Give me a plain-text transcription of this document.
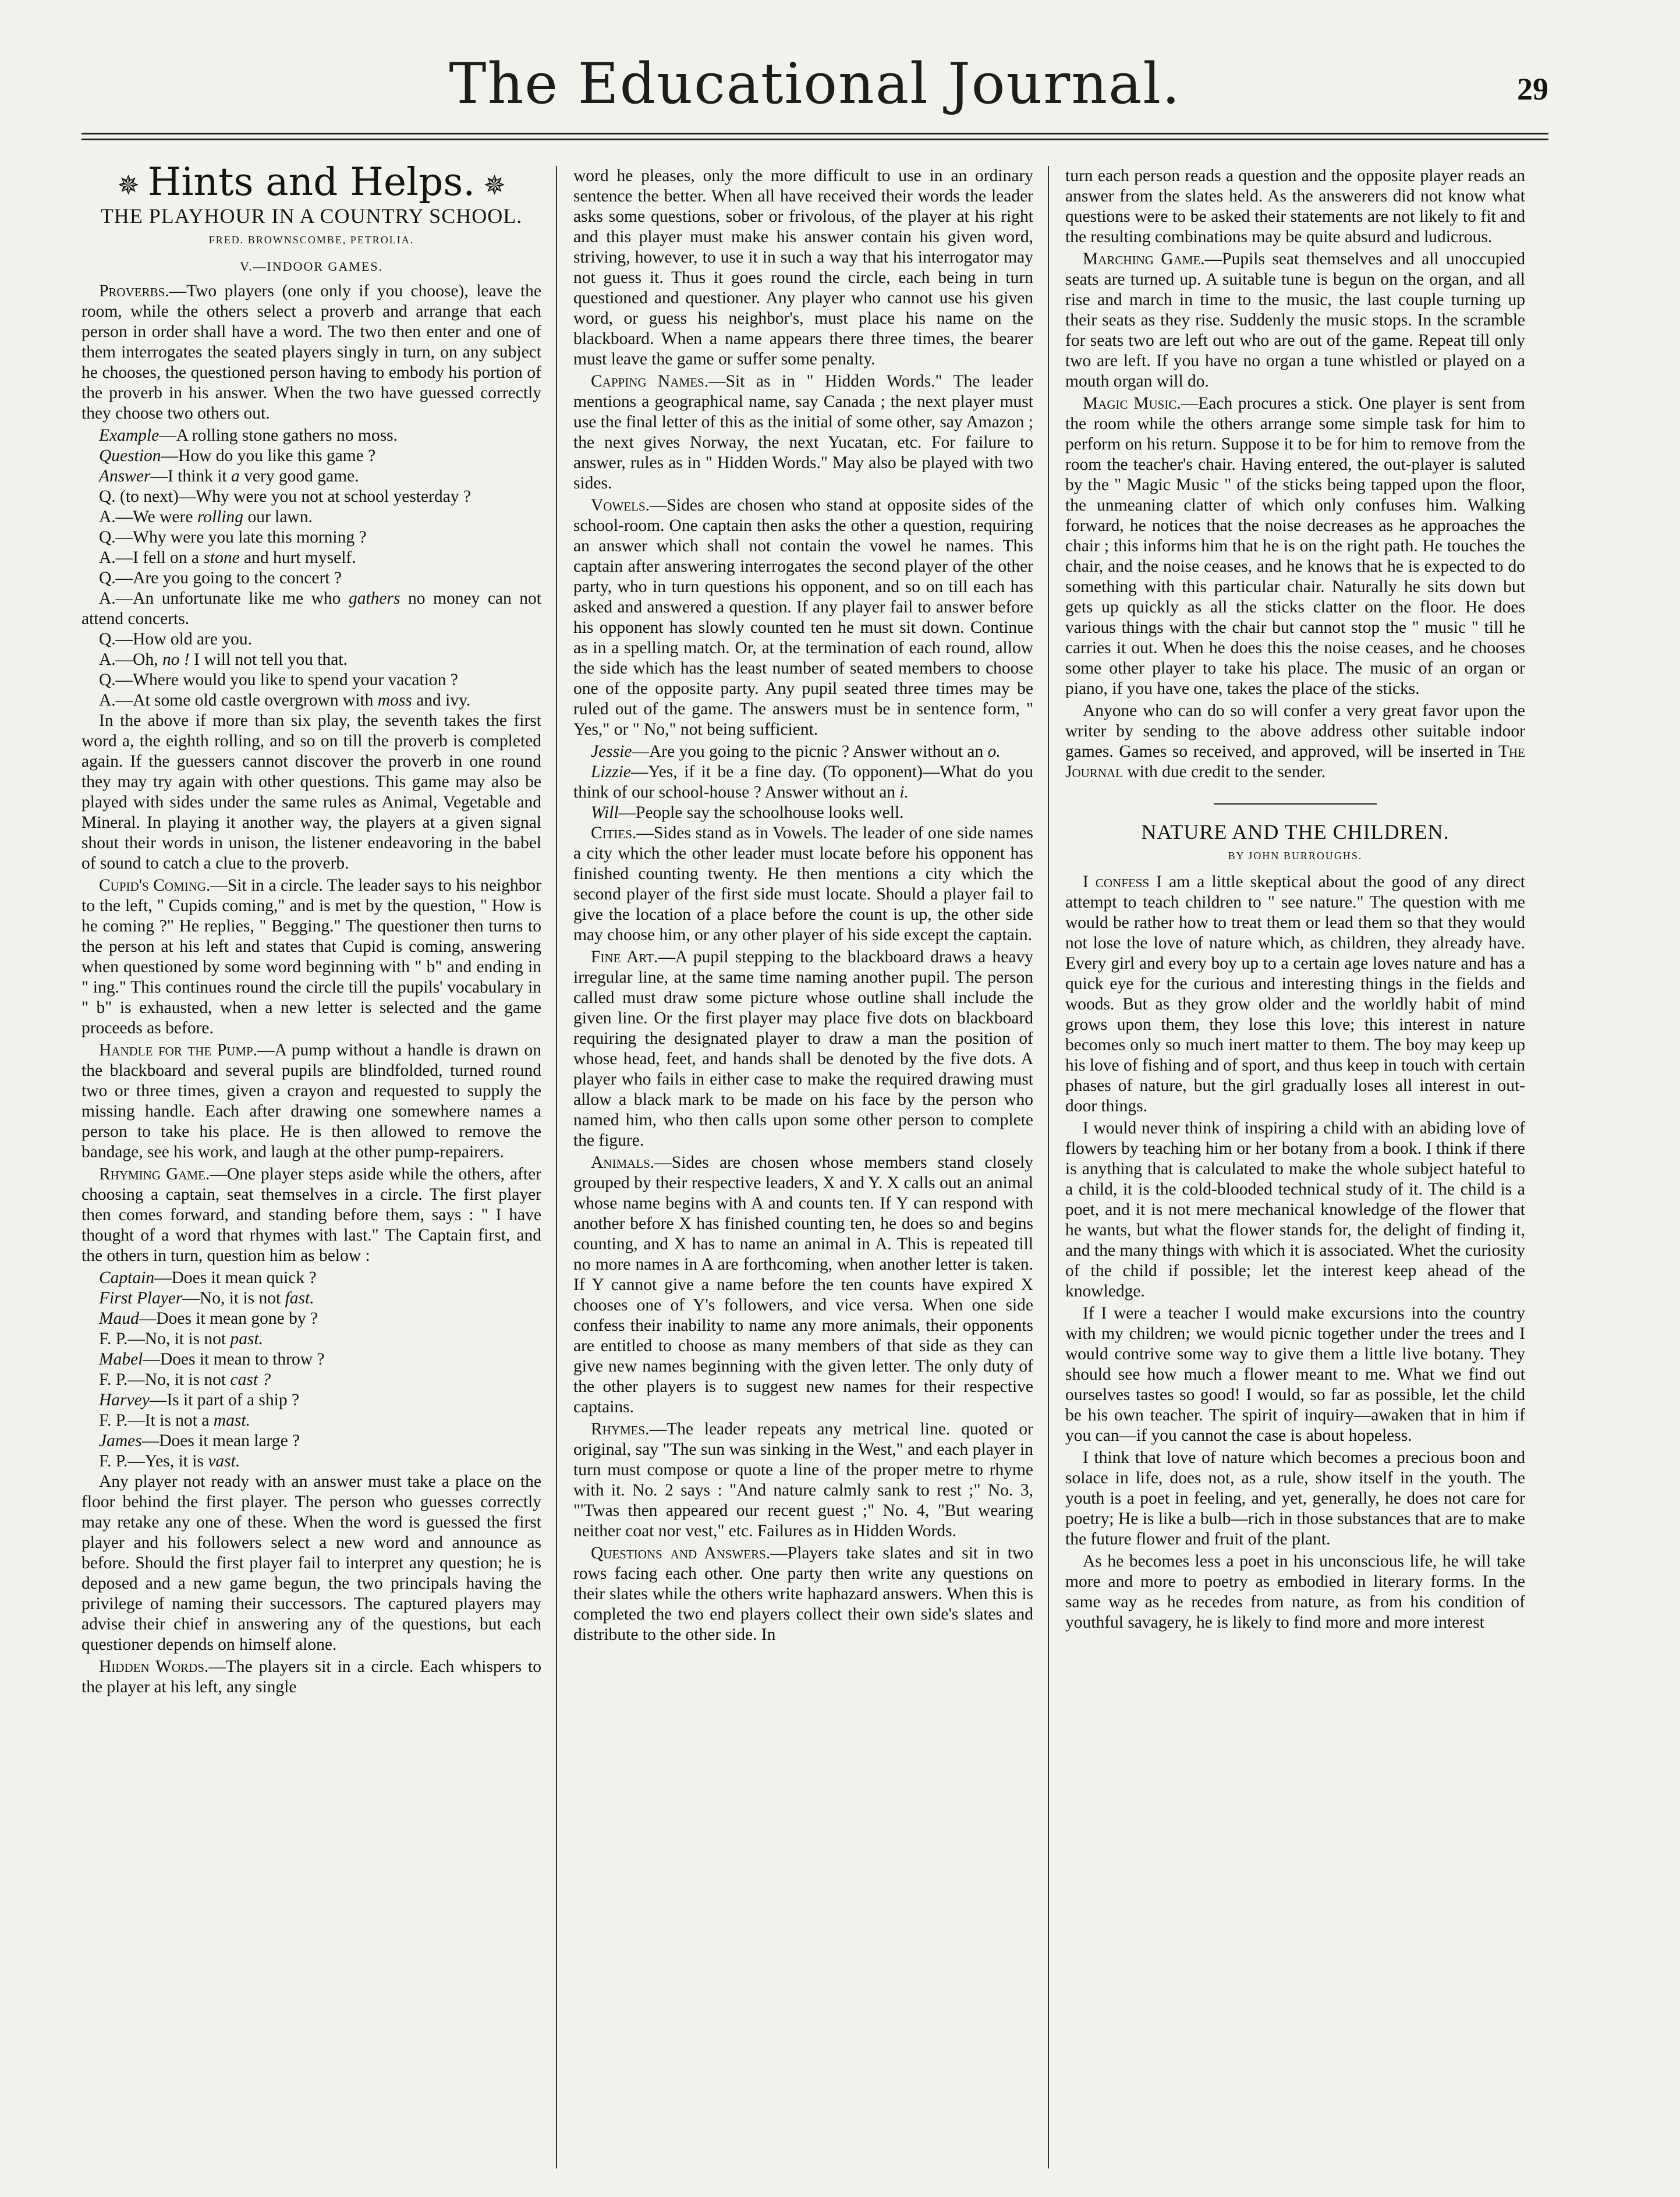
The Educational Journal.	29
✵ Hints and Helps. ✵
THE PLAYHOUR IN A COUNTRY SCHOOL.
FRED. BROWNSCOMBE, PETROLIA.
V.—INDOOR GAMES.

Proverbs.—Two players (one only if you choose), leave the room, while the others select a proverb and arrange that each person in order shall have a word. The two then enter and one of them interrogates the seated players singly in turn, on any subject he chooses, the questioned person having to embody his portion of the proverb in his answer. When the two have guessed correctly they choose two others out.

Example—A rolling stone gathers no moss.

Question—How do you like this game ?

Answer—I think it a very good game.

Q. (to next)—Why were you not at school yesterday ?

A.—We were rolling our lawn.

Q.—Why were you late this morning ?

A.—I fell on a stone and hurt myself.

Q.—Are you going to the concert ?

A.—An unfortunate like me who gathers no money can not attend concerts.

Q.—How old are you.

A.—Oh, no ! I will not tell you that.

Q.—Where would you like to spend your vacation ?

A.—At some old castle overgrown with moss and ivy.

In the above if more than six play, the seventh takes the first word a, the eighth rolling, and so on till the proverb is completed again. If the guessers cannot discover the proverb in one round they may try again with other questions. This game may also be played with sides under the same rules as Animal, Vegetable and Mineral. In playing it another way, the players at a given signal shout their words in unison, the listener endeavoring in the babel of sound to catch a clue to the proverb.

Cupid's Coming.—Sit in a circle. The leader says to his neighbor to the left, " Cupids coming," and is met by the question, " How is he coming ?" He replies, " Begging." The questioner then turns to the person at his left and states that Cupid is coming, answering when questioned by some word beginning with " b" and ending in " ing." This continues round the circle till the pupils' vocabulary in " b" is exhausted, when a new letter is selected and the game proceeds as before.

Handle for the Pump.—A pump without a handle is drawn on the blackboard and several pupils are blindfolded, turned round two or three times, given a crayon and requested to supply the missing handle. Each after drawing one somewhere names a person to take his place. He is then allowed to remove the bandage, see his work, and laugh at the other pump-repairers.

Rhyming Game.—One player steps aside while the others, after choosing a captain, seat themselves in a circle. The first player then comes forward, and standing before them, says : " I have thought of a word that rhymes with last." The Captain first, and the others in turn, question him as below :

Captain—Does it mean quick ?

First Player—No, it is not fast.

Maud—Does it mean gone by ?

F. P.—No, it is not past.

Mabel—Does it mean to throw ?

F. P.—No, it is not cast ?

Harvey—Is it part of a ship ?

F. P.—It is not a mast.

James—Does it mean large ?

F. P.—Yes, it is vast.

Any player not ready with an answer must take a place on the floor behind the first player. The person who guesses correctly may retake any one of these. When the word is guessed the first player and his followers select a new word and announce as before. Should the first player fail to interpret any question; he is deposed and a new game begun, the two principals having the privilege of naming their successors. The captured players may advise their chief in answering any of the questions, but each questioner depends on himself alone.

Hidden Words.—The players sit in a circle. Each whispers to the player at his left, any single

word he pleases, only the more difficult to use in an ordinary sentence the better. When all have received their words the leader asks some questions, sober or frivolous, of the player at his right and this player must make his answer contain his given word, striving, however, to use it in such a way that his interrogator may not guess it. Thus it goes round the circle, each being in turn questioned and questioner. Any player who cannot use his given word, or guess his neighbor's, must place his name on the blackboard. When a name appears there three times, the bearer must leave the game or suffer some penalty.

Capping Names.—Sit as in " Hidden Words." The leader mentions a geographical name, say Canada ; the next player must use the final letter of this as the initial of some other, say Amazon ; the next gives Norway, the next Yucatan, etc. For failure to answer, rules as in " Hidden Words." May also be played with two sides.

Vowels.—Sides are chosen who stand at opposite sides of the school-room. One captain then asks the other a question, requiring an answer which shall not contain the vowel he names. This captain after answering interrogates the second player of the other party, who in turn questions his opponent, and so on till each has asked and answered a question. If any player fail to answer before his opponent has slowly counted ten he must sit down. Continue as in a spelling match. Or, at the termination of each round, allow the side which has the least number of seated members to choose one of the opposite party. Any pupil seated three times may be ruled out of the game. The answers must be in sentence form, " Yes," or " No," not being sufficient.

Jessie—Are you going to the picnic ? Answer without an o.

Lizzie—Yes, if it be a fine day. (To opponent)—What do you think of our school-house ? Answer without an i.

Will—People say the schoolhouse looks well.

Cities.—Sides stand as in Vowels. The leader of one side names a city which the other leader must locate before his opponent has finished counting twenty. He then mentions a city which the second player of the first side must locate. Should a player fail to give the location of a place before the count is up, the other side may choose him, or any other player of his side except the captain.

Fine Art.—A pupil stepping to the blackboard draws a heavy irregular line, at the same time naming another pupil. The person called must draw some picture whose outline shall include the given line. Or the first player may place five dots on blackboard requiring the designated player to draw a man the position of whose head, feet, and hands shall be denoted by the five dots. A player who fails in either case to make the required drawing must allow a black mark to be made on his face by the person who named him, who then calls upon some other person to complete the figure.

Animals.—Sides are chosen whose members stand closely grouped by their respective leaders, X and Y. X calls out an animal whose name begins with A and counts ten. If Y can respond with another before X has finished counting ten, he does so and begins counting, and X has to name an animal in A. This is repeated till no more names in A are forthcoming, when another letter is taken. If Y cannot give a name before the ten counts have expired X chooses one of Y's followers, and vice versa. When one side confess their inability to name any more animals, their opponents are entitled to choose as many members of that side as they can give new names beginning with the given letter. The only duty of the other players is to suggest new names for their respective captains.

Rhymes.—The leader repeats any metrical line. quoted or original, say "The sun was sinking in the West," and each player in turn must compose or quote a line of the proper metre to rhyme with it. No. 2 says : "And nature calmly sank to rest ;" No. 3, "'Twas then appeared our recent guest ;" No. 4, "But wearing neither coat nor vest," etc. Failures as in Hidden Words.

Questions and Answers.—Players take slates and sit in two rows facing each other. One party then write any questions on their slates while the others write haphazard answers. When this is completed the two end players collect their own side's slates and distribute to the other side. In

turn each person reads a question and the opposite player reads an answer from the slates held. As the answerers did not know what questions were to be asked their statements are not likely to fit and the resulting combinations may be quite absurd and ludicrous.

Marching Game.—Pupils seat themselves and all unoccupied seats are turned up. A suitable tune is begun on the organ, and all rise and march in time to the music, the last couple turning up their seats as they rise. Suddenly the music stops. In the scramble for seats two are left out who are out of the game. Repeat till only two are left. If you have no organ a tune whistled or played on a mouth organ will do.

Magic Music.—Each procures a stick. One player is sent from the room while the others arrange some simple task for him to perform on his return. Suppose it to be for him to remove from the room the teacher's chair. Having entered, the out-player is saluted by the " Magic Music " of the sticks being tapped upon the floor, the unmeaning clatter of which only confuses him. Walking forward, he notices that the noise decreases as he approaches the chair ; this informs him that he is on the right path. He touches the chair, and the noise ceases, and he knows that he is expected to do something with this particular chair. Naturally he sits down but gets up quickly as all the sticks clatter on the floor. He does various things with the chair but cannot stop the " music " till he carries it out. When he does this the noise ceases, and he chooses some other player to take his place. The music of an organ or piano, if you have one, takes the place of the sticks.

Anyone who can do so will confer a very great favor upon the writer by sending to the above address other suitable indoor games. Games so received, and approved, will be inserted in The Journal with due credit to the sender.

NATURE AND THE CHILDREN.
BY JOHN BURROUGHS.

I confess I am a little skeptical about the good of any direct attempt to teach children to " see nature." The question with me would be rather how to treat them or lead them so that they would not lose the love of nature which, as children, they already have. Every girl and every boy up to a certain age loves nature and has a quick eye for the curious and interesting things in the fields and woods. But as they grow older and the worldly habit of mind grows upon them, they lose this love; this interest in nature becomes only so much inert matter to them. The boy may keep up his love of fishing and of sport, and thus keep in touch with certain phases of nature, but the girl gradually loses all interest in out-door things.

I would never think of inspiring a child with an abiding love of flowers by teaching him or her botany from a book. I think if there is anything that is calculated to make the whole subject hateful to a child, it is the cold-blooded technical study of it. The child is a poet, and it is not mere mechanical knowledge of the flower that he wants, but what the flower stands for, the delight of finding it, and the many things with which it is associated. Whet the curiosity of the child if possible; let the interest keep ahead of the knowledge.

If I were a teacher I would make excursions into the country with my children; we would picnic together under the trees and I would contrive some way to give them a little live botany. They should see how much a flower meant to me. What we find out ourselves tastes so good! I would, so far as possible, let the child be his own teacher. The spirit of inquiry—awaken that in him if you can—if you cannot the case is about hopeless.

I think that love of nature which becomes a precious boon and solace in life, does not, as a rule, show itself in the youth. The youth is a poet in feeling, and yet, generally, he does not care for poetry; He is like a bulb—rich in those substances that are to make the future flower and fruit of the plant.

As he becomes less a poet in his unconscious life, he will take more and more to poetry as embodied in literary forms. In the same way as he recedes from nature, as from his condition of youthful savagery, he is likely to find more and more interest
